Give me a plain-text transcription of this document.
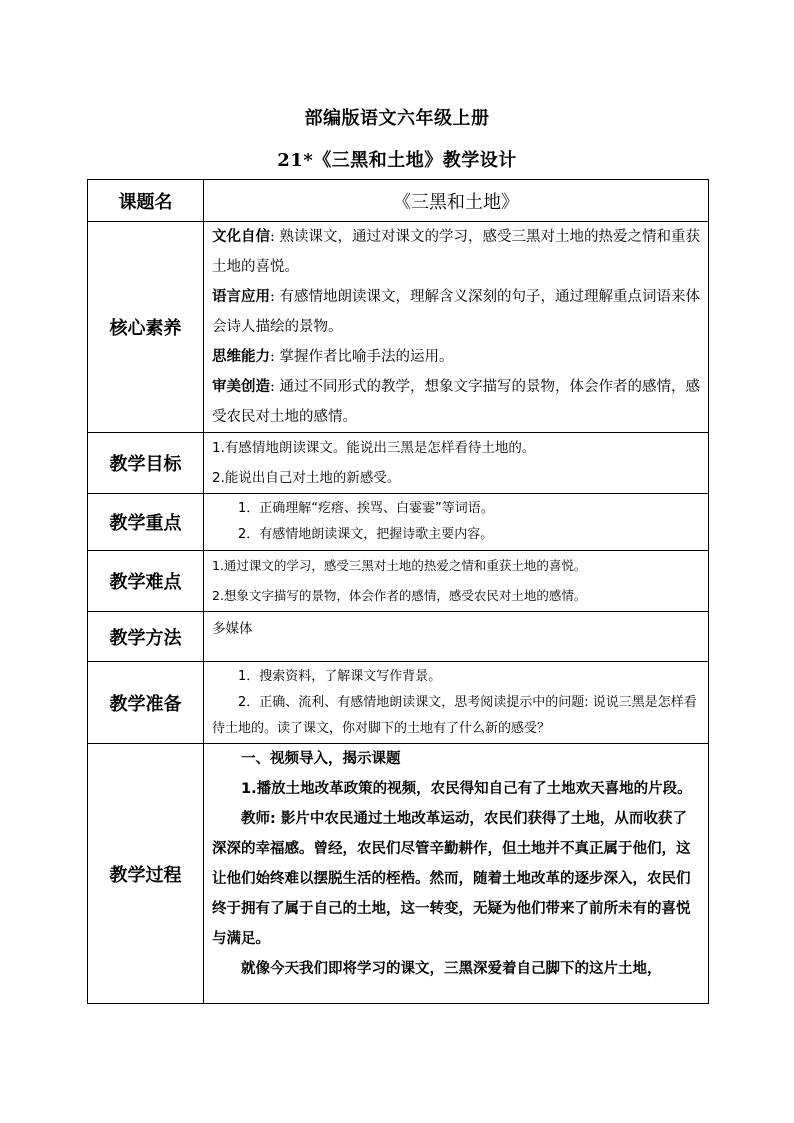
部编版语文六年级上册
21*《三黑和土地》教学设计
课题名	《三黑和土地》
核心素养	文化自信: 熟读课文，通过对课文的学习，感受三黑对土地的热爱之情和重获土地的喜悦。

语言应用: 有感情地朗读课文，理解含义深刻的句子，通过理解重点词语来体会诗人描绘的景物。

思维能力: 掌握作者比喻手法的运用。

审美创造: 通过不同形式的教学，想象文字描写的景物，体会作者的感情，感受农民对土地的感情。

教学目标	1.有感情地朗读课文。能说出三黑是怎样看待土地的。

2.能说出自己对土地的新感受。

教学重点	1．正确理解“疙瘩、挨骂、白霎霎”等词语。

2．有感情地朗读课文，把握诗歌主要内容。

教学难点	1.通过课文的学习，感受三黑对土地的热爱之情和重获土地的喜悦。

2.想象文字描写的景物，体会作者的感情，感受农民对土地的感情。

教学方法	多媒体

教学准备	1．搜索资料，了解课文写作背景。

2．正确、流利、有感情地朗读课文，思考阅读提示中的问题: 说说三黑是怎样看待土地的。读了课文，你对脚下的土地有了什么新的感受？

教学过程	一、视频导入，揭示课题

1.播放土地改革政策的视频，农民得知自己有了土地欢天喜地的片段。

教师: 影片中农民通过土地改革运动，农民们获得了土地，从而收获了深深的幸福感。曾经，农民们尽管辛勤耕作，但土地并不真正属于他们，这让他们始终难以摆脱生活的桎梏。然而，随着土地改革的逐步深入，农民们终于拥有了属于自己的土地，这一转变，无疑为他们带来了前所未有的喜悦与满足。

就像今天我们即将学习的课文，三黑深爱着自己脚下的这片土地，
